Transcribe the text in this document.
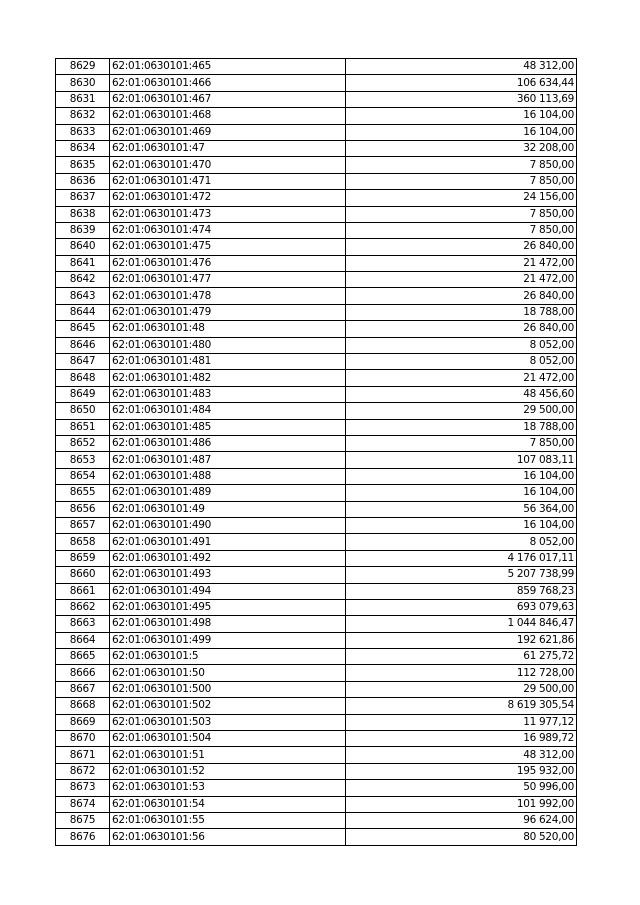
8629	62:01:0630101:465	48 312,00
8630	62:01:0630101:466	106 634,44
8631	62:01:0630101:467	360 113,69
8632	62:01:0630101:468	16 104,00
8633	62:01:0630101:469	16 104,00
8634	62:01:0630101:47	32 208,00
8635	62:01:0630101:470	7 850,00
8636	62:01:0630101:471	7 850,00
8637	62:01:0630101:472	24 156,00
8638	62:01:0630101:473	7 850,00
8639	62:01:0630101:474	7 850,00
8640	62:01:0630101:475	26 840,00
8641	62:01:0630101:476	21 472,00
8642	62:01:0630101:477	21 472,00
8643	62:01:0630101:478	26 840,00
8644	62:01:0630101:479	18 788,00
8645	62:01:0630101:48	26 840,00
8646	62:01:0630101:480	8 052,00
8647	62:01:0630101:481	8 052,00
8648	62:01:0630101:482	21 472,00
8649	62:01:0630101:483	48 456,60
8650	62:01:0630101:484	29 500,00
8651	62:01:0630101:485	18 788,00
8652	62:01:0630101:486	7 850,00
8653	62:01:0630101:487	107 083,11
8654	62:01:0630101:488	16 104,00
8655	62:01:0630101:489	16 104,00
8656	62:01:0630101:49	56 364,00
8657	62:01:0630101:490	16 104,00
8658	62:01:0630101:491	8 052,00
8659	62:01:0630101:492	4 176 017,11
8660	62:01:0630101:493	5 207 738,99
8661	62:01:0630101:494	859 768,23
8662	62:01:0630101:495	693 079,63
8663	62:01:0630101:498	1 044 846,47
8664	62:01:0630101:499	192 621,86
8665	62:01:0630101:5	61 275,72
8666	62:01:0630101:50	112 728,00
8667	62:01:0630101:500	29 500,00
8668	62:01:0630101:502	8 619 305,54
8669	62:01:0630101:503	11 977,12
8670	62:01:0630101:504	16 989,72
8671	62:01:0630101:51	48 312,00
8672	62:01:0630101:52	195 932,00
8673	62:01:0630101:53	50 996,00
8674	62:01:0630101:54	101 992,00
8675	62:01:0630101:55	96 624,00
8676	62:01:0630101:56	80 520,00
